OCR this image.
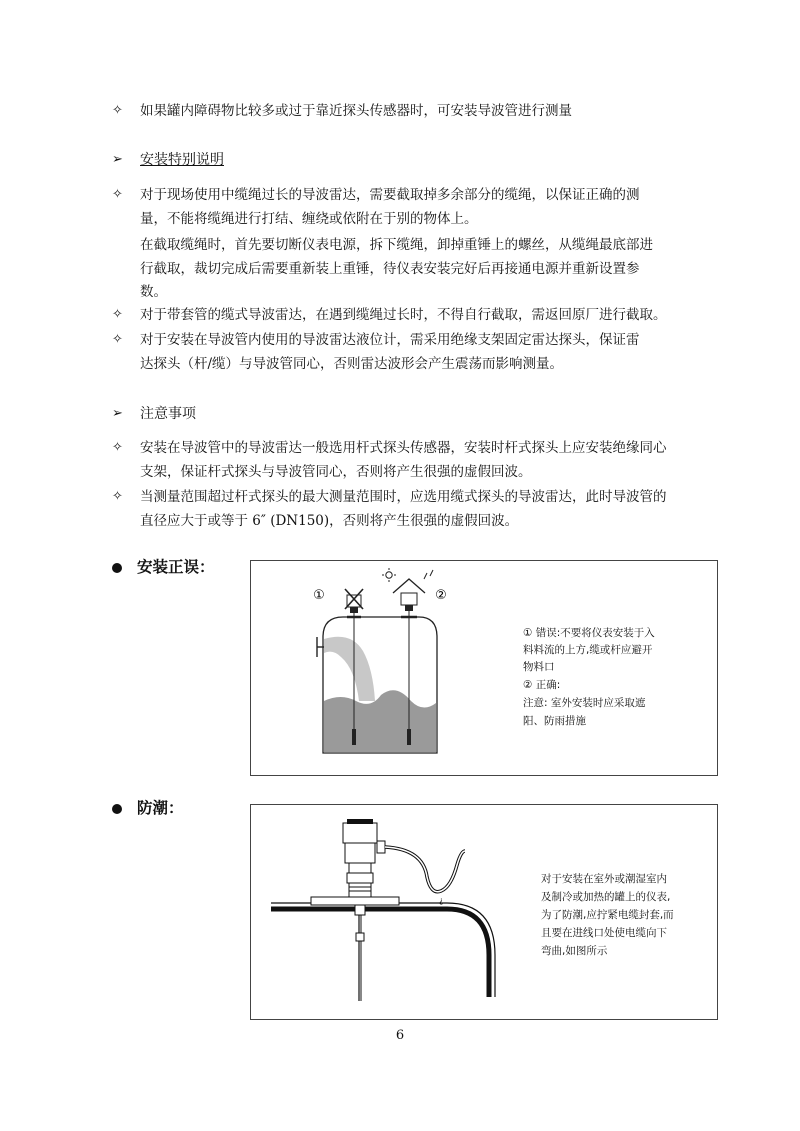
✧ 如果罐内障碍物比较多或过于靠近探头传感器时，可安装导波管进行测量
➢ 安装特别说明
✧ 对于现场使用中缆绳过长的导波雷达，需要截取掉多余部分的缆绳，以保证正确的测
量，不能将缆绳进行打结、缠绕或依附在于别的物体上。
在截取缆绳时，首先要切断仪表电源，拆下缆绳，卸掉重锤上的螺丝，从缆绳最底部进
行截取，裁切完成后需要重新装上重锤，待仪表安装完好后再接通电源并重新设置参
数。
✧ 对于带套管的缆式导波雷达，在遇到缆绳过长时，不得自行截取，需返回原厂进行截取。
✧ 对于安装在导波管内使用的导波雷达液位计，需采用绝缘支架固定雷达探头，保证雷
达探头（杆/缆）与导波管同心，否则雷达波形会产生震荡而影响测量。
➢ 注意事项
✧ 安装在导波管中的导波雷达一般选用杆式探头传感器，安装时杆式探头上应安装绝缘同心
支架，保证杆式探头与导波管同心，否则将产生很强的虚假回波。
✧ 当测量范围超过杆式探头的最大测量范围时，应选用缆式探头的导波雷达，此时导波管的
直径应大于或等于 6″ (DN150)，否则将产生很强的虚假回波。
安装正误：
①	②
① 错误:不要将仪表安装于入
料料流的上方,缆或杆应避开
物料口
② 正确:
注意: 室外安装时应采取遮
阳、防雨措施
防潮：
¿
对于安装在室外或潮湿室内
及制冷或加热的罐上的仪表,
为了防潮,应拧紧电缆封套,而
且要在进线口处使电缆向下
弯曲,如图所示
6
